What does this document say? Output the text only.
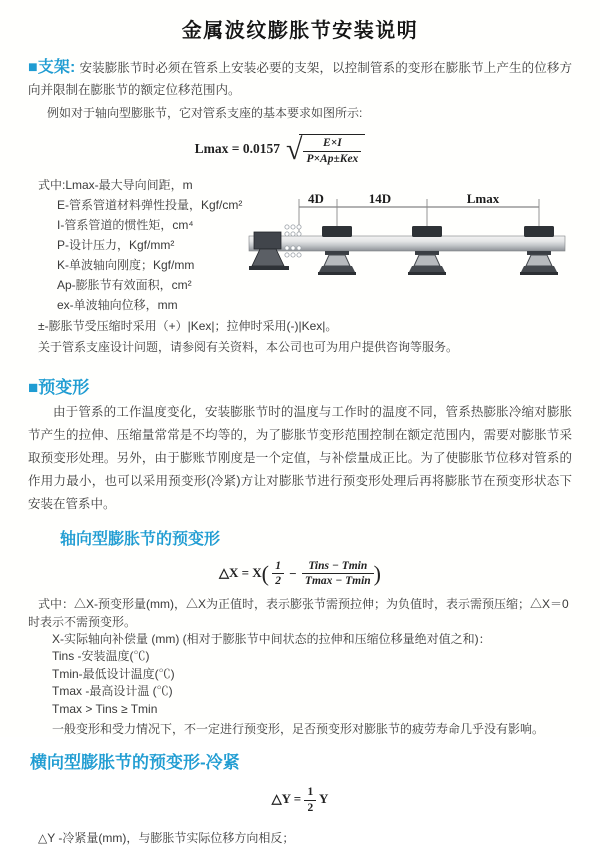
金属波纹膨胀节安装说明

■支架: 安装膨胀节时必须在管系上安装必要的支架，以控制管系的变形在膨胀节上产生的位移方向并限制在膨胀节的额定位移范围内。

例如对于轴向型膨胀节，它对管系支座的基本要求如图所示:

Lmax = 0.0157 √ $\frac{E\times I}{\text{P×Ap±Kex}}$

式中:Lmax-最大导向间距，m

E-管系管道材料弹性投量，Kgf/cm²

I-管系管道的惯性矩，cm⁴

P-设计压力，Kgf/mm²

K-单波轴向刚度；Kgf/mm

Ap-膨胀节有效面积，cm²

ex-单波轴向位移，mm

±-膨胀节受压缩时采用（+）|Kex|；拉伸时采用(-)|Kex|。

关于管系支座设计问题，请参阅有关资料，本公司也可为用户提供咨询等服务。

4D	14D	Lmax
■预变形

由于管系的工作温度变化，安装膨胀节时的温度与工作时的温度不同，管系热膨胀冷缩对膨胀节产生的拉伸、压缩量常常是不均等的，为了膨胀节变形范围控制在额定范围内，需要对膨胀节采取预变形处理。另外，由于膨账节刚度是一个定值，与补偿量成正比。为了使膨胀节位移对管系的作用力最小，也可以采用预变形(冷紧)方让对膨胀节进行预变形处理后再将膨胀节在预变形状态下安装在管系中。

轴向型膨胀节的预变形
△X = $X( \frac{1}{2} - \frac{\text{Tins − Tmin}}{Tmax - Tmin}$ )

式中：△X-预变形量(mm)，△X为正值时，表示膨张节需预拉伸；为负值时，表示需预压缩；△X＝0时表示不需预变形。

X-实际轴向补偿量 (mm) (相对于膨胀节中间状态的拉伸和压缩位移量绝对值之和)：

Tins -安装温度(℃)

Tmin-最低设计温度(℃)

Tmax -最高设计温 (℃)

Tmax > Tins ≥ Tmin

一般变形和受力情况下，不一定进行预变形，足否预变形对膨胀节的疲劳寿命几乎没有影响。

横向型膨胀节的预变形-冷紧
△Y = $\frac{1}{2}$ Y

△Y -冷紧量(mm)，与膨胀节实际位移方向相反；
